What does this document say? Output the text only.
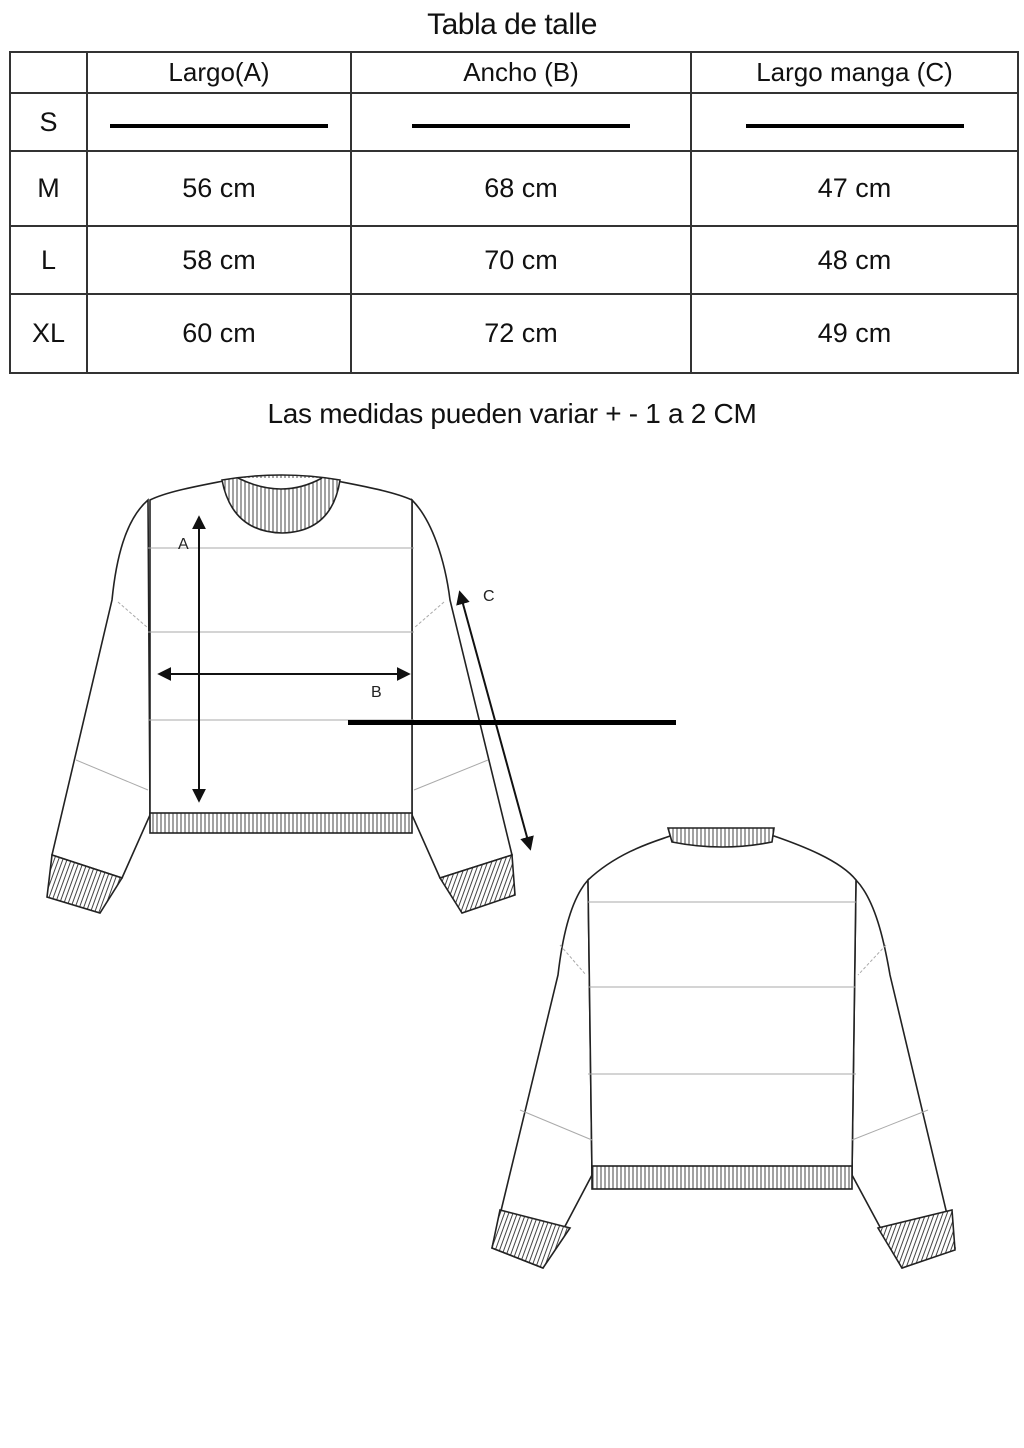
Tabla de talle
	Largo(A)	Ancho (B)	Largo manga (C)
S			
M	56 cm	68 cm	47 cm
L	58 cm	70 cm	48 cm
XL	60 cm	72 cm	49 cm
Las medidas pueden variar + - 1 a 2 CM
A
B
C
